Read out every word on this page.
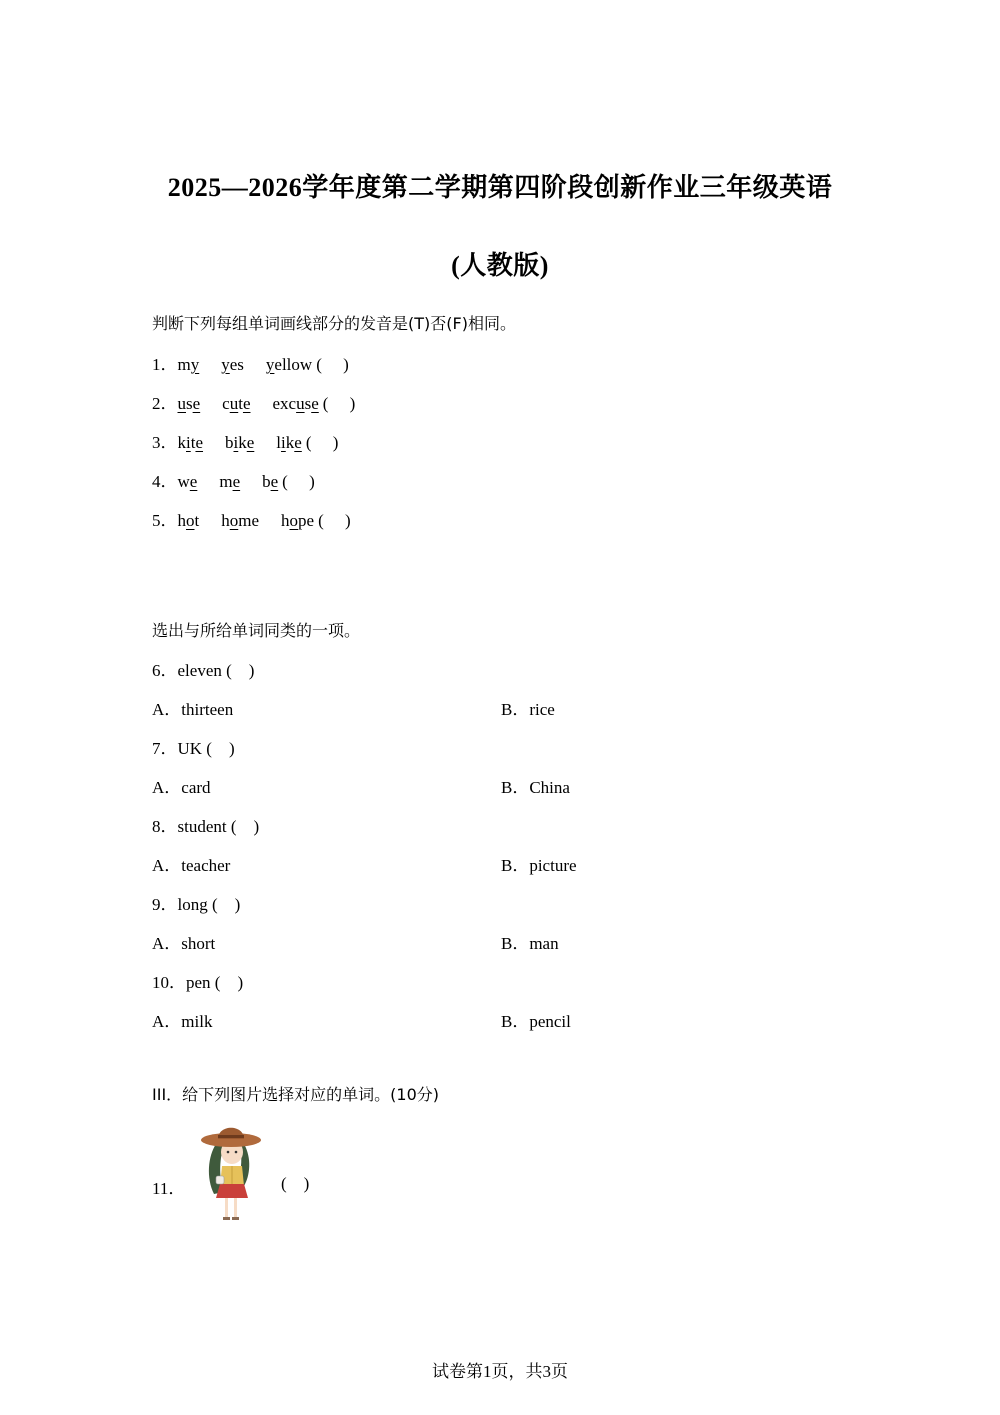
2025—2026学年度第二学期第四阶段创新作业三年级英语
(人教版)
判断下列每组单词画线部分的发音是(T)否(F)相同。
1．my yes yellow (     )
2．use cute excuse (     )
3．kite bike like (     )
4．we me be (     )
5．hot home hope (     )
选出与所给单词同类的一项。
6．eleven (    )
A．thirteen	B．rice
7．UK (    )
A．card	B．China
8．student (    )
A．teacher	B．picture
9．long (    )
A．short	B．man
10．pen (    )
A．milk	B．pencil
III．给下列图片选择对应的单词。(10分)
11．	(    )
试卷第1页，共3页
